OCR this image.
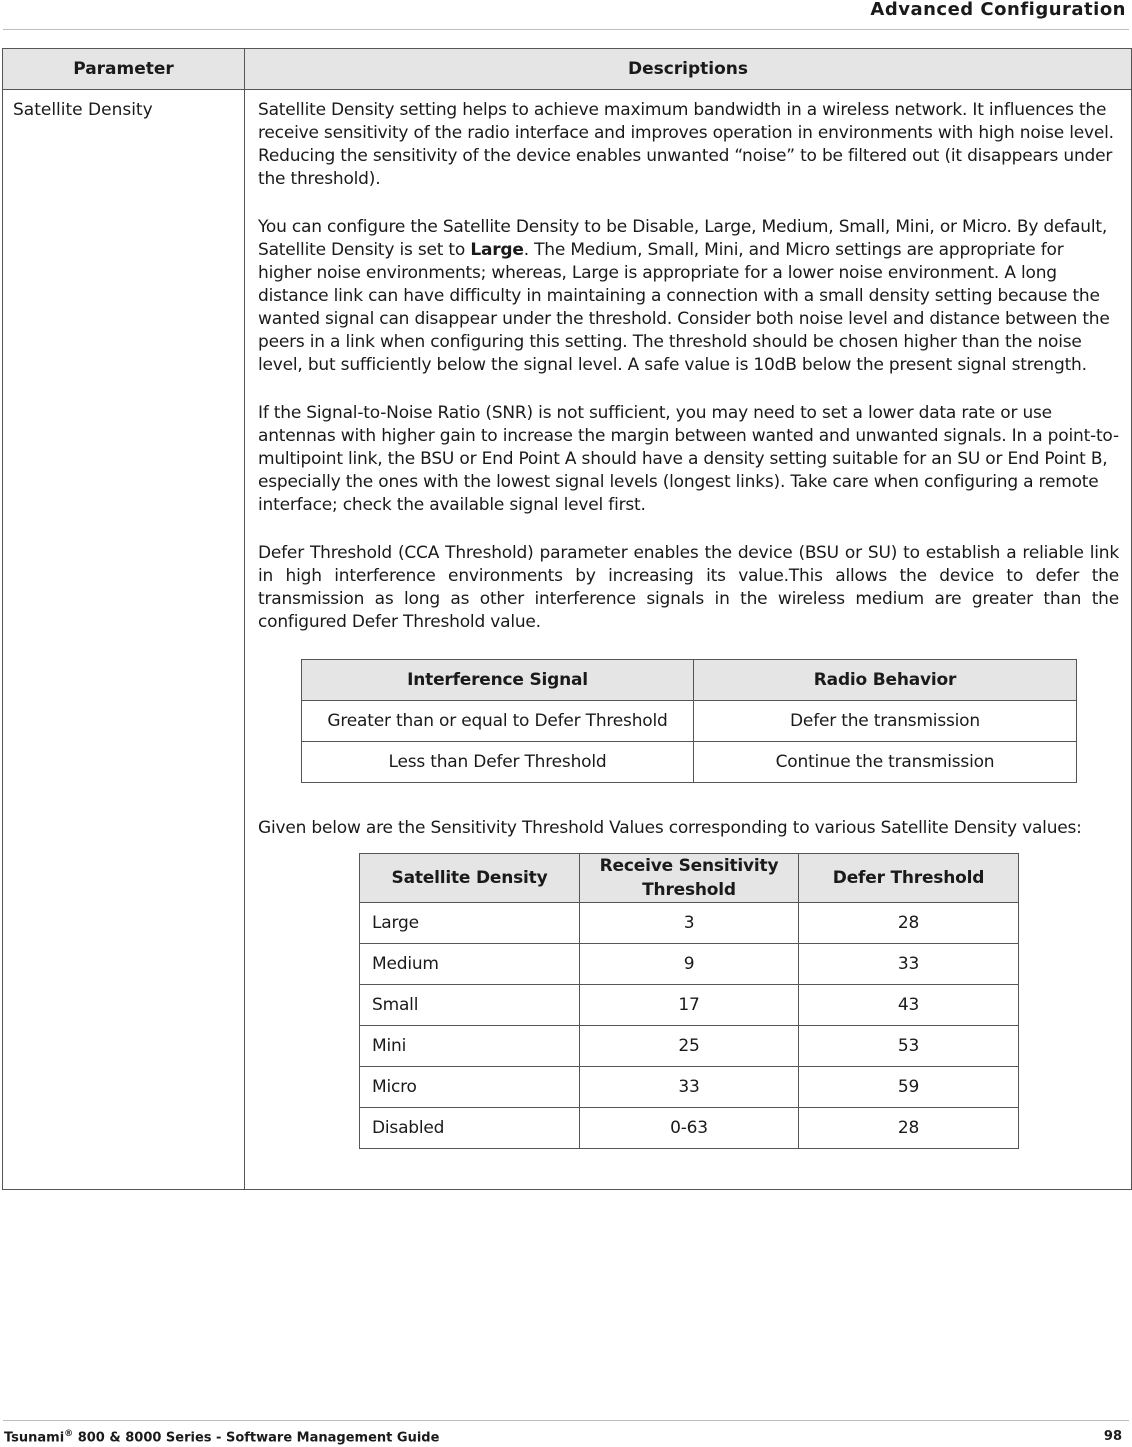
Advanced Configuration
Parameter	Descriptions
Satellite Density	Satellite Density setting helps to achieve maximum bandwidth in a wireless network. It influences the receive sensitivity of the radio interface and improves operation in environments with high noise level. Reducing the sensitivity of the device enables unwanted “noise” to be filtered out (it disappears under the threshold).

You can configure the Satellite Density to be Disable, Large, Medium, Small, Mini, or Micro. By default, Satellite Density is set to Large. The Medium, Small, Mini, and Micro settings are appropriate for higher noise environments; whereas, Large is appropriate for a lower noise environment. A long distance link can have difficulty in maintaining a connection with a small density setting because the wanted signal can disappear under the threshold. Consider both noise level and distance between the peers in a link when configuring this setting. The threshold should be chosen higher than the noise level, but sufficiently below the signal level. A safe value is 10dB below the present signal strength.

If the Signal-to-Noise Ratio (SNR) is not sufficient, you may need to set a lower data rate or use antennas with higher gain to increase the margin between wanted and unwanted signals. In a point-to-multipoint link, the BSU or End Point A should have a density setting suitable for an SU or End Point B, especially the ones with the lowest signal levels (longest links). Take care when configuring a remote interface; check the available signal level first.

Defer Threshold (CCA Threshold) parameter enables the device (BSU or SU) to establish a reliable link in high interference environments by increasing its value.This allows the device to defer the transmission as long as other interference signals in the wireless medium are greater than the configured Defer Threshold value.

Interference Signal	Radio Behavior
Greater than or equal to Defer Threshold	Defer the transmission
Less than Defer Threshold	Continue the transmission

Given below are the Sensitivity Threshold Values corresponding to various Satellite Density values:

Satellite Density	Receive Sensitivity Threshold	Defer Threshold
Large	3	28
Medium	9	33
Small	17	43
Mini	25	53
Micro	33	59
Disabled	0-63	28
Tsunami® 800 & 8000 Series - Software Management Guide	98
